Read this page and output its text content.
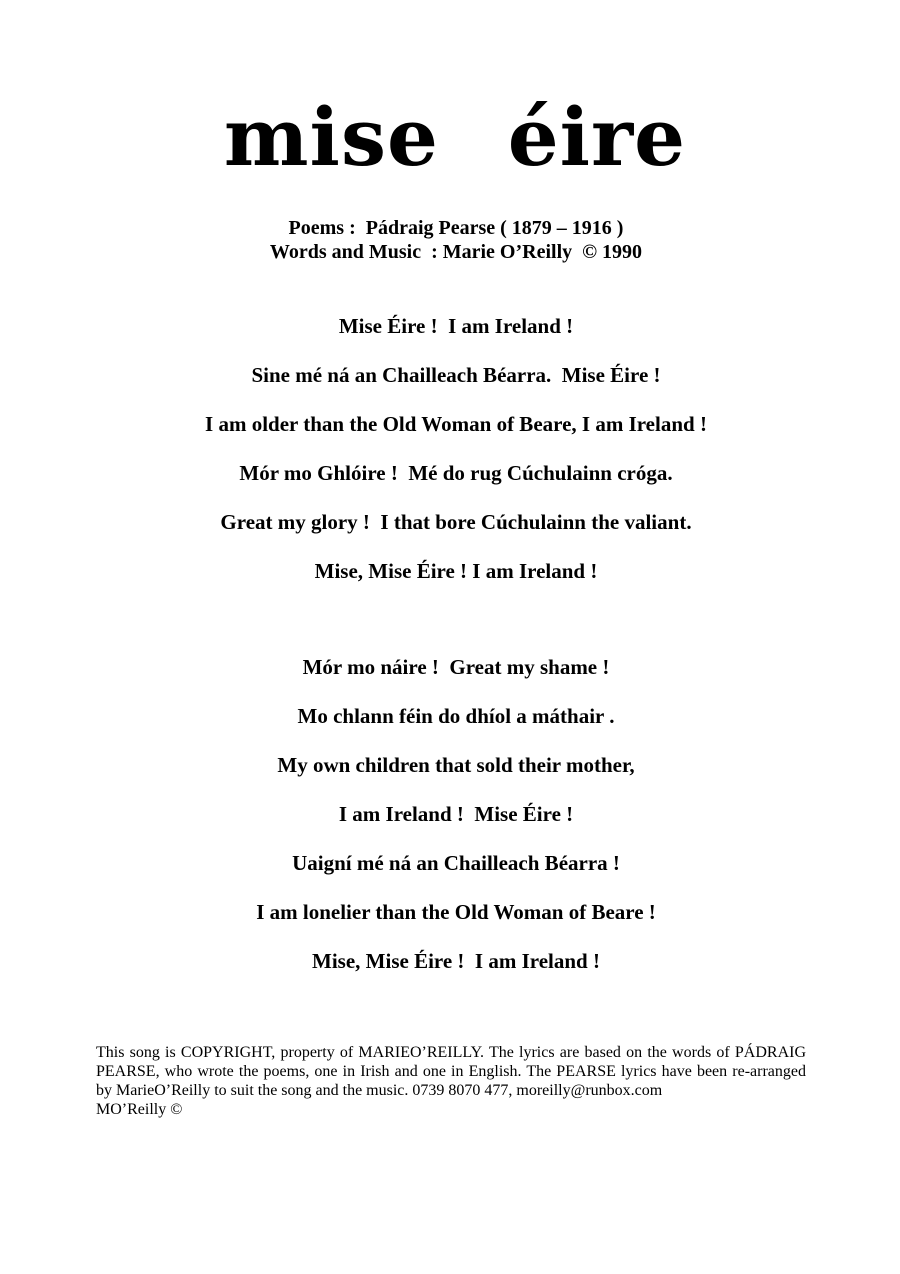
mise éire
Poems :  Pádraig Pearse ( 1879 – 1916 )
Words and Music  : Marie O’Reilly  © 1990
Mise Éire !  I am Ireland !
Sine mé ná an Chailleach Béarra.  Mise Éire !
I am older than the Old Woman of Beare, I am Ireland !
Mór mo Ghlóire !  Mé do rug Cúchulainn cróga.
Great my glory !  I that bore Cúchulainn the valiant.
Mise, Mise Éire ! I am Ireland !
Mór mo náire !  Great my shame !
Mo chlann féin do dhíol a máthair .
My own children that sold their mother,
I am Ireland !  Mise Éire !
Uaigní mé ná an Chailleach Béarra !
I am lonelier than the Old Woman of Beare !
Mise, Mise Éire !  I am Ireland !
This song is COPYRIGHT, property of MARIEO’REILLY. The lyrics are based on the words of PÁDRAIG PEARSE, who wrote the poems, one in Irish and one in English. The PEARSE lyrics have been re-arranged by MarieO’Reilly to suit the song and the music. 0739 8070 477, moreilly@runbox.com
MO’Reilly ©
